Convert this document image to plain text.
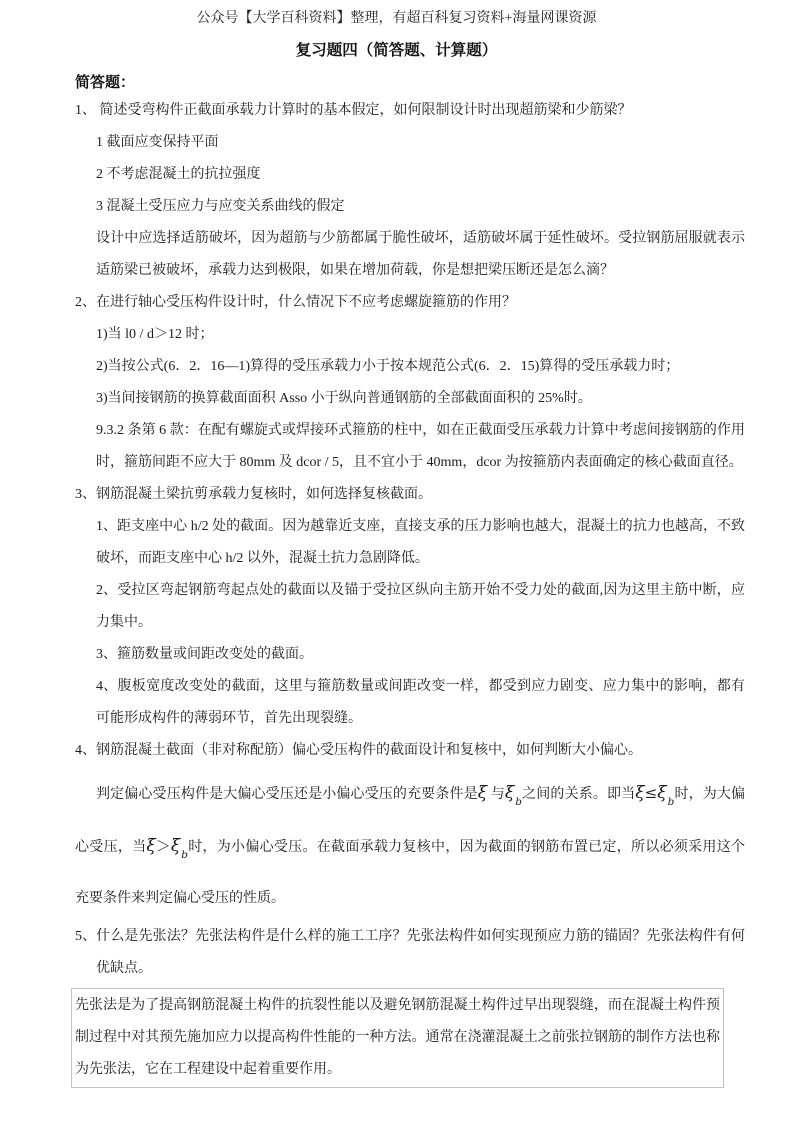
公众号【大学百科资料】整理，有超百科复习资料+海量网课资源
复习题四（简答题、计算题）
简答题：

1、 简述受弯构件正截面承载力计算时的基本假定，如何限制设计时出现超筋梁和少筋梁？

1 截面应变保持平面

2 不考虑混凝土的抗拉强度

3 混凝土受压应力与应变关系曲线的假定

设计中应选择适筋破坏，因为超筋与少筋都属于脆性破坏，适筋破坏属于延性破坏。受拉钢筋屈服就表示适筋梁已被破坏，承载力达到极限，如果在增加荷载，你是想把梁压断还是怎么滴？

2、在进行轴心受压构件设计时，什么情况下不应考虑螺旋箍筋的作用？

1)当 l0 / d＞12 时；

2)当按公式(6．2．16—1)算得的受压承载力小于按本规范公式(6．2．15)算得的受压承载力时；

3)当间接钢筋的换算截面面积 Asso 小于纵向普通钢筋的全部截面面积的 25%时。

9.3.2 条第 6 款：在配有螺旋式或焊接环式箍筋的柱中，如在正截面受压承载力计算中考虑间接钢筋的作用时，箍筋间距不应大于 80mm 及 dcor / 5，且不宜小于 40mm，dcor 为按箍筋内表面确定的核心截面直径。

3、钢筋混凝土梁抗剪承载力复核时，如何选择复核截面。

1、距支座中心 h/2 处的截面。因为越靠近支座，直接支承的压力影响也越大，混凝土的抗力也越高，不致破坏，而距支座中心 h/2 以外，混凝土抗力急剧降低。

2、受拉区弯起钢筋弯起点处的截面以及锚于受拉区纵向主筋开始不受力处的截面,因为这里主筋中断，应力集中。

3、箍筋数量或间距改变处的截面。

4、腹板宽度改变处的截面，这里与箍筋数量或间距改变一样，都受到应力剧变、应力集中的影响，都有可能形成构件的薄弱环节，首先出现裂缝。

4、钢筋混凝土截面（非对称配筋）偏心受压构件的截面设计和复核中，如何判断大小偏心。

判定偏心受压构件是大偏心受压还是小偏心受压的充要条件是ξ 与$\xi_b$之间的关系。即当$\xi\le\xi_b$时，为大偏心受压，当$\xi>\xi_b$时，为小偏心受压。在截面承载力复核中，因为截面的钢筋布置已定，所以必须采用这个充要条件来判定偏心受压的性质。

5、什么是先张法？先张法构件是什么样的施工工序？先张法构件如何实现预应力筋的锚固？先张法构件有何优缺点。

先张法是为了提高钢筋混凝土构件的抗裂性能以及避免钢筋混凝土构件过早出现裂缝，而在混凝土构件预制过程中对其预先施加应力以提高构件性能的一种方法。通常在浇灌混凝土之前张拉钢筋的制作方法也称为先张法，它在工程建设中起着重要作用。
